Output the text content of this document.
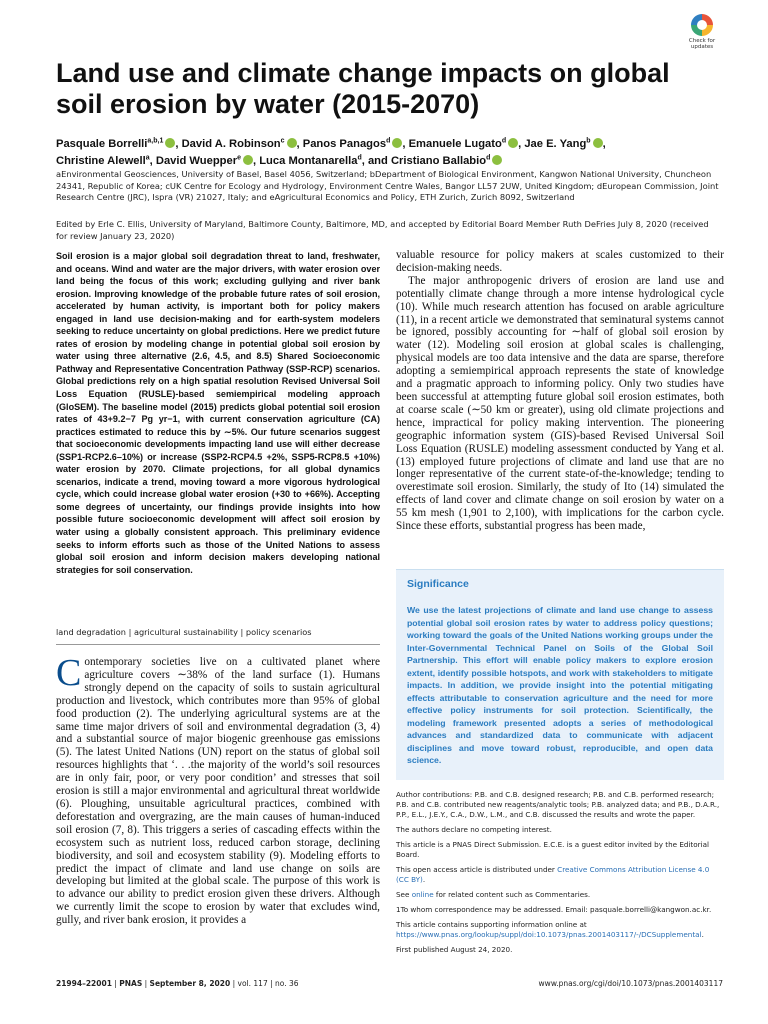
Check for
updates
Land use and climate change impacts on global soil erosion by water (2015-2070)
Pasquale Borrelli$^{a,b,1}$ , David A. Robinson$^c$ , Panos Panagos$^d$ , Emanuele Lugato$^d$ , Jae E. Yang$^b$ ,
Christine Alewell$^a$, David Wuepper$^e$ , Luca Montanarella$^d$, and Cristiano Ballabio$^d$

aEnvironmental Geosciences, University of Basel, Basel 4056, Switzerland; bDepartment of Biological Environment, Kangwon National University, Chuncheon 24341, Republic of Korea; cUK Centre for Ecology and Hydrology, Environment Centre Wales, Bangor LL57 2UW, United Kingdom; dEuropean Commission, Joint Research Centre (JRC), Ispra (VR) 21027, Italy; and eAgricultural Economics and Policy, ETH Zurich, Zurich 8092, Switzerland

Edited by Erle C. Ellis, University of Maryland, Baltimore County, Baltimore, MD, and accepted by Editorial Board Member Ruth DeFries July 8, 2020 (received for review January 23, 2020)

Soil erosion is a major global soil degradation threat to land, freshwater, and oceans. Wind and water are the major drivers, with water erosion over land being the focus of this work; excluding gullying and river bank erosion. Improving knowledge of the probable future rates of soil erosion, accelerated by human activity, is important both for policy makers engaged in land use decision-making and for earth-system modelers seeking to reduce uncertainty on global predictions. Here we predict future rates of erosion by modeling change in potential global soil erosion by water using three alternative (2.6, 4.5, and 8.5) Shared Socioeconomic Pathway and Representative Concentration Pathway (SSP-RCP) scenarios. Global predictions rely on a high spatial resolution Revised Universal Soil Loss Equation (RUSLE)-based semiempirical modeling approach (GloSEM). The baseline model (2015) predicts global potential soil erosion rates of 43+9.2−7 Pg yr−1, with current conservation agriculture (CA) practices estimated to reduce this by ∼5%. Our future scenarios suggest that socioeconomic developments impacting land use will either decrease (SSP1-RCP2.6–10%) or increase (SSP2-RCP4.5 +2%, SSP5-RCP8.5 +10%) water erosion by 2070. Climate projections, for all global dynamics scenarios, indicate a trend, moving toward a more vigorous hydrological cycle, which could increase global water erosion (+30 to +66%). Accepting some degrees of uncertainty, our findings provide insights into how possible future socioeconomic development will affect soil erosion by water using a globally consistent approach. This preliminary evidence seeks to inform efforts such as those of the United Nations to assess global soil erosion and inform decision makers developing national strategies for soil conservation.

land degradation | agricultural sustainability | policy scenarios
Contemporary societies live on a cultivated planet where agriculture covers ∼38% of the land surface (1). Humans strongly depend on the capacity of soils to sustain agricultural production and livestock, which contributes more than 95% of global food production (2). The underlying agricultural systems are at the same time major drivers of soil and environmental degradation (3, 4) and a substantial source of major biogenic greenhouse gas emissions (5). The latest United Nations (UN) report on the status of global soil resources highlights that ‘. . .the majority of the world’s soil resources are in only fair, poor, or very poor condition’ and stresses that soil erosion is still a major environmental and agricultural threat worldwide (6). Ploughing, unsuitable agricultural practices, combined with deforestation and overgrazing, are the main causes of human-induced soil erosion (7, 8). This triggers a series of cascading effects within the ecosystem such as nutrient loss, reduced carbon storage, declining biodiversity, and soil and ecosystem stability (9). Modeling efforts to predict the impact of climate and land use change on soils are developing but limited at the global scale. The purpose of this work is to advance our ability to predict erosion given these drivers. Although we currently limit the scope to erosion by water that excludes wind, gully, and river bank erosion, it provides a

valuable resource for policy makers at scales customized to their decision-making needs.

The major anthropogenic drivers of erosion are land use and potentially climate change through a more intense hydrological cycle (10). While much research attention has focused on arable agriculture (11), in a recent article we demonstrated that seminatural systems cannot be ignored, possibly accounting for ∼half of global soil erosion by water (12). Modeling soil erosion at global scales is challenging, physical models are too data intensive and the data are sparse, therefore adopting a semiempirical approach represents the state of knowledge and a pragmatic approach to informing policy. Only two studies have been successful at attempting future global soil erosion estimates, both at coarse scale (∼50 km or greater), using old climate projections and hence, impractical for policy making intervention. The pioneering geographic information system (GIS)-based Revised Universal Soil Loss Equation (RUSLE) modeling assessment conducted by Yang et al. (13) employed future projections of climate and land use that are no longer representative of the current state-of-the-knowledge; tending to overestimate soil erosion. Similarly, the study of Ito (14) simulated the effects of land cover and climate change on soil erosion by water on a 55 km mesh (1,901 to 2,100), with implications for the carbon cycle. Since these efforts, substantial progress has been made,

Significance

We use the latest projections of climate and land use change to assess potential global soil erosion rates by water to address policy questions; working toward the goals of the United Nations working groups under the Inter-Governmental Technical Panel on Soils of the Global Soil Partnership. This effort will enable policy makers to explore erosion extent, identify possible hotspots, and work with stakeholders to mitigate impacts. In addition, we provide insight into the potential mitigating effects attributable to conservation agriculture and the need for more effective policy instruments for soil protection. Scientifically, the modeling framework presented adopts a series of methodological advances and standardized data to communicate with adjacent disciplines and move toward robust, reproducible, and open data science.

Author contributions: P.B. and C.B. designed research; P.B. and C.B. performed research; P.B. and C.B. contributed new reagents/analytic tools; P.B. analyzed data; and P.B., D.A.R., P.P., E.L., J.E.Y., C.A., D.W., L.M., and C.B. discussed the results and wrote the paper.

The authors declare no competing interest.

This article is a PNAS Direct Submission. E.C.E. is a guest editor invited by the Editorial Board.

This open access article is distributed under Creative Commons Attribution License 4.0 (CC BY).

See online for related content such as Commentaries.

1To whom correspondence may be addressed. Email: pasquale.borrelli@kangwon.ac.kr.

This article contains supporting information online at https://www.pnas.org/lookup/suppl/doi:10.1073/pnas.2001403117/-/DCSupplemental.

First published August 24, 2020.

21994–22001 | PNAS | September 8, 2020 | vol. 117 | no. 36	www.pnas.org/cgi/doi/10.1073/pnas.2001403117
